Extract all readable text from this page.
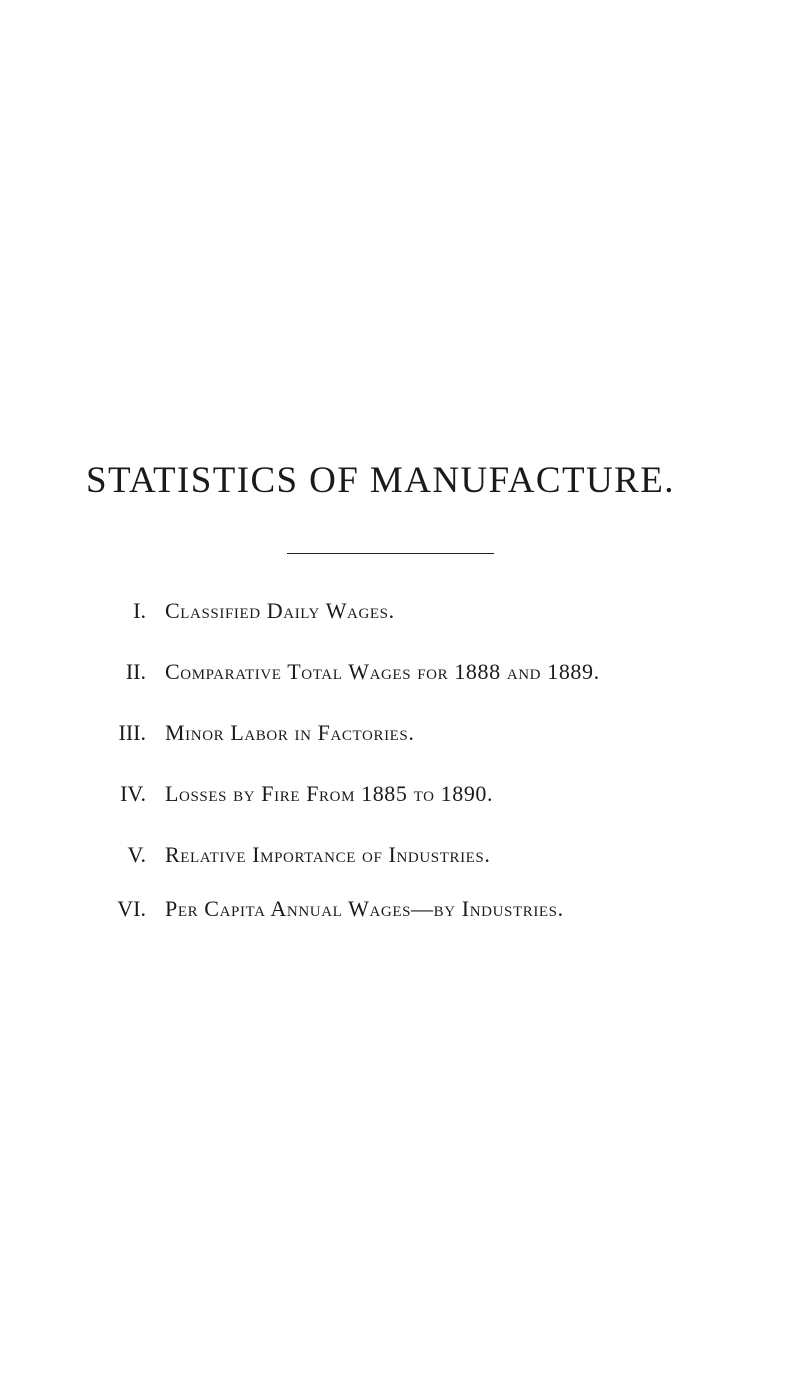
STATISTICS OF MANUFACTURE.
I. Classified Daily Wages.
II. Comparative Total Wages for 1888 and 1889.
III. Minor Labor in Factories.
IV. Losses by Fire From 1885 to 1890.
V. Relative Importance of Industries.
VI. Per Capita Annual Wages—by Industries.
